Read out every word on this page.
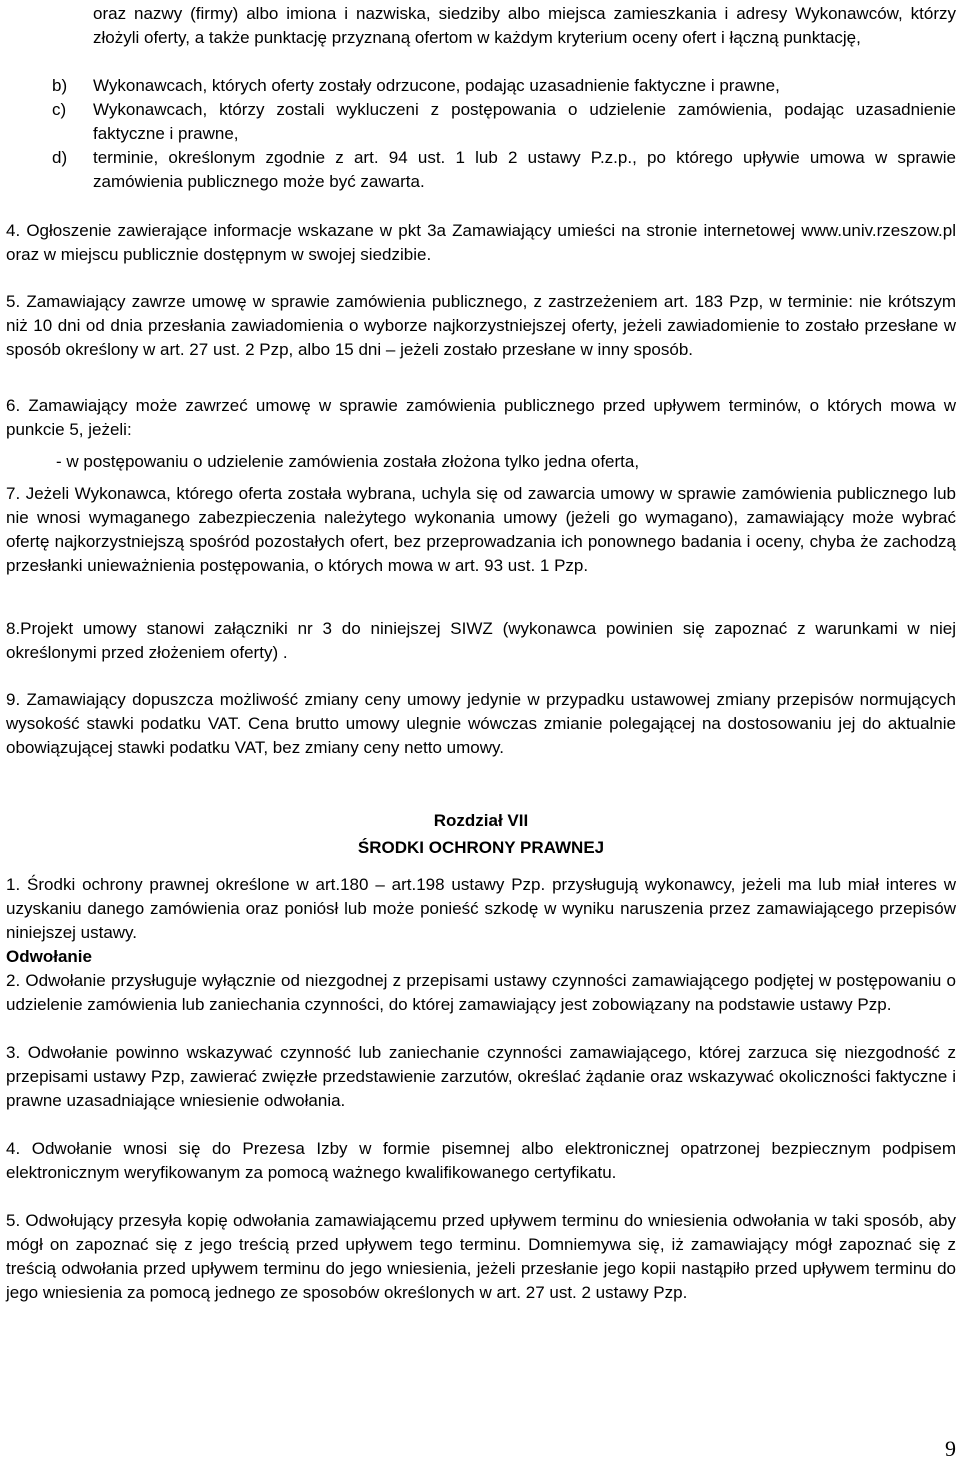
oraz nazwy (firmy) albo imiona i nazwiska, siedziby albo miejsca zamieszkania i adresy Wykonawców, którzy złożyli oferty, a także punktację przyznaną ofertom w każdym kryterium oceny ofert i łączną punktację,

b) Wykonawcach, których oferty zostały odrzucone, podając uzasadnienie faktyczne i prawne,

c) Wykonawcach, którzy zostali wykluczeni z postępowania o udzielenie zamówienia, podając uzasadnienie faktyczne i prawne,

d) terminie, określonym zgodnie z art. 94 ust. 1 lub 2 ustawy P.z.p., po którego upływie umowa w sprawie zamówienia publicznego może być zawarta.

4. Ogłoszenie zawierające informacje wskazane w pkt 3a Zamawiający umieści na stronie internetowej www.univ.rzeszow.pl oraz w miejscu publicznie dostępnym w swojej siedzibie.

5. Zamawiający zawrze umowę w sprawie zamówienia publicznego, z zastrzeżeniem art. 183 Pzp, w terminie: nie krótszym niż 10 dni od dnia przesłania zawiadomienia o wyborze najkorzystniejszej oferty, jeżeli zawiadomienie to zostało przesłane w sposób określony w art. 27 ust. 2 Pzp, albo 15 dni – jeżeli zostało przesłane w inny sposób.

6. Zamawiający może zawrzeć umowę w sprawie zamówienia publicznego przed upływem terminów, o których mowa w punkcie 5, jeżeli:

- w postępowaniu o udzielenie zamówienia została złożona tylko jedna oferta,

7. Jeżeli Wykonawca, którego oferta została wybrana, uchyla się od zawarcia umowy w sprawie zamówienia publicznego lub nie wnosi wymaganego zabezpieczenia należytego wykonania umowy (jeżeli go wymagano), zamawiający może wybrać ofertę najkorzystniejszą spośród pozostałych ofert, bez przeprowadzania ich ponownego badania i oceny, chyba że zachodzą przesłanki unieważnienia postępowania, o których mowa w art. 93 ust. 1 Pzp.

8.Projekt umowy stanowi załączniki nr 3 do niniejszej SIWZ (wykonawca powinien się zapoznać z warunkami w niej określonymi przed złożeniem oferty) .

9. Zamawiający dopuszcza możliwość zmiany ceny umowy jedynie w przypadku ustawowej zmiany przepisów normujących wysokość stawki podatku VAT. Cena brutto umowy ulegnie wówczas zmianie polegającej na dostosowaniu jej do aktualnie obowiązującej stawki podatku VAT, bez zmiany ceny netto umowy.

Rozdział VII

ŚRODKI OCHRONY PRAWNEJ

1. Środki ochrony prawnej określone w art.180 – art.198 ustawy Pzp. przysługują wykonawcy, jeżeli ma lub miał interes w uzyskaniu danego zamówienia oraz poniósł lub może ponieść szkodę w wyniku naruszenia przez zamawiającego przepisów niniejszej ustawy.

Odwołanie

2. Odwołanie przysługuje wyłącznie od niezgodnej z przepisami ustawy czynności zamawiającego podjętej w postępowaniu o udzielenie zamówienia lub zaniechania czynności, do której zamawiający jest zobowiązany na podstawie ustawy Pzp.

3. Odwołanie powinno wskazywać czynność lub zaniechanie czynności zamawiającego, której zarzuca się niezgodność z przepisami ustawy Pzp, zawierać zwięzłe przedstawienie zarzutów, określać żądanie oraz wskazywać okoliczności faktyczne i prawne uzasadniające wniesienie odwołania.

4. Odwołanie wnosi się do Prezesa Izby w formie pisemnej albo elektronicznej opatrzonej bezpiecznym podpisem elektronicznym weryfikowanym za pomocą ważnego kwalifikowanego certyfikatu.

5. Odwołujący przesyła kopię odwołania zamawiającemu przed upływem terminu do wniesienia odwołania w taki sposób, aby mógł on zapoznać się z jego treścią przed upływem tego terminu. Domniemywa się, iż zamawiający mógł zapoznać się z treścią odwołania przed upływem terminu do jego wniesienia, jeżeli przesłanie jego kopii nastąpiło przed upływem terminu do jego wniesienia za pomocą jednego ze sposobów określonych w art. 27 ust. 2 ustawy Pzp.

9
